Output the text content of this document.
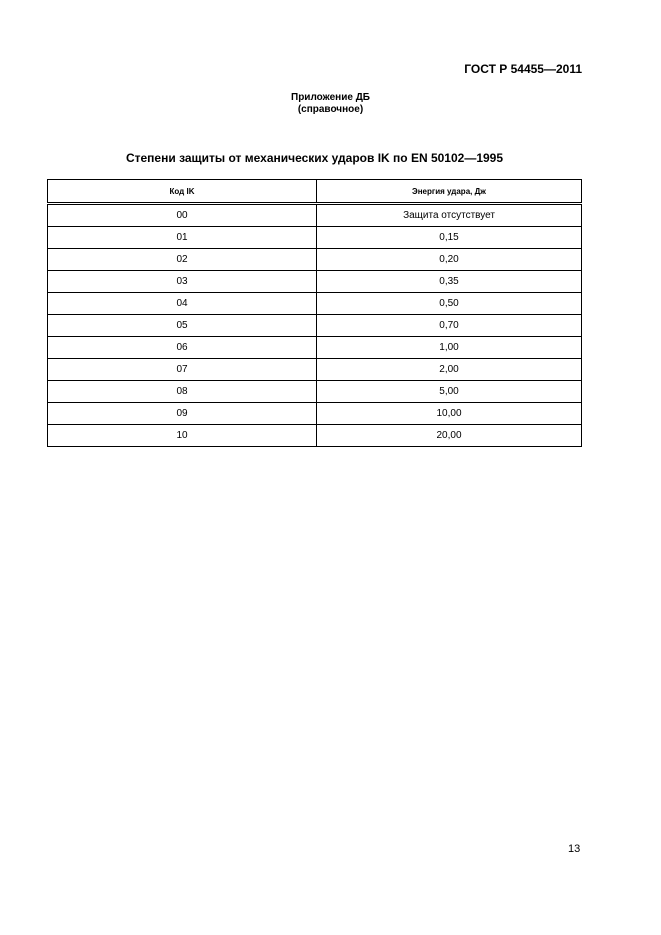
ГОСТ Р 54455—2011
Приложение ДБ
(справочное)
Степени защиты от механических ударов IK по EN 50102—1995
Код IK	Энергия удара, Дж
00	Защита отсутствует
01	0,15
02	0,20
03	0,35
04	0,50
05	0,70
06	1,00
07	2,00
08	5,00
09	10,00
10	20,00
13
